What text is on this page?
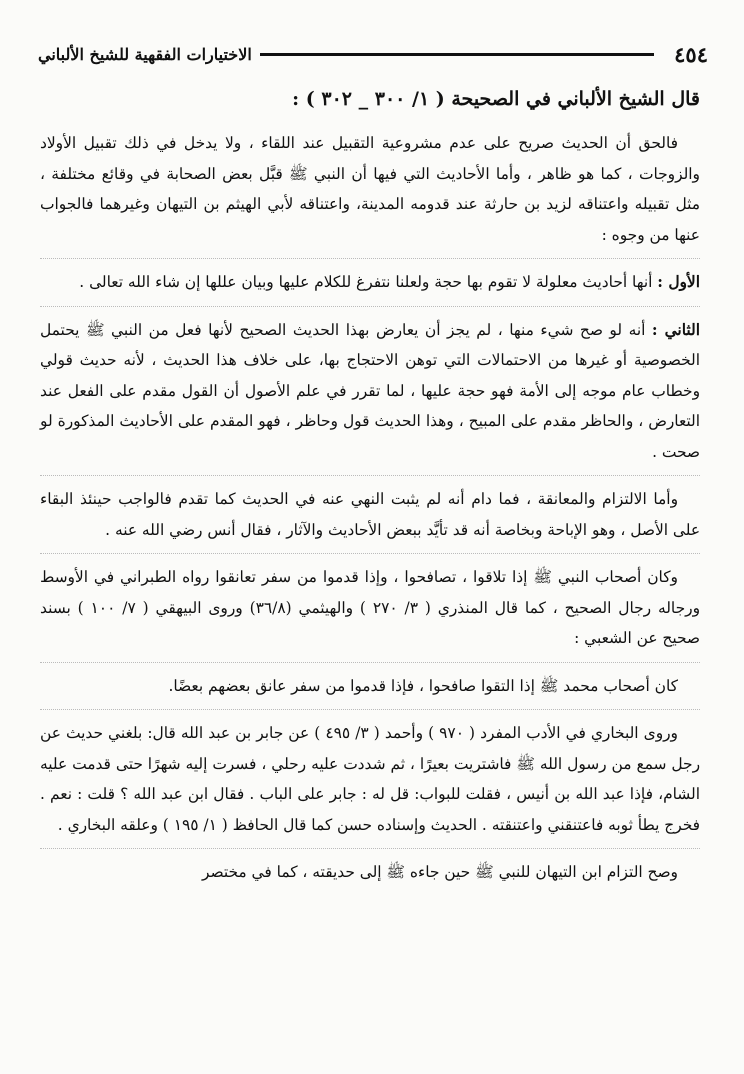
٤٥٤
الاختيارات الفقهية للشيخ الألباني
قال الشيخ الألباني في الصحيحة ( ١/ ٣٠٠ _ ٣٠٢ ) :

فالحق أن الحديث صريح على عدم مشروعية التقبيل عند اللقاء ، ولا يدخل في ذلك تقبيل الأولاد والزوجات ، كما هو ظاهر ، وأما الأحاديث التي فيها أن النبي ﷺ قبَّل بعض الصحابة في وقائع مختلفة ، مثل تقبيله واعتناقه لزيد بن حارثة عند قدومه المدينة، واعتناقه لأبي الهيثم بن التيهان وغيرهما فالجواب عنها من وجوه :

الأول : أنها أحاديث معلولة لا تقوم بها حجة ولعلنا نتفرغ للكلام عليها وبيان عللها إن شاء الله تعالى .

الثاني : أنه لو صح شيء منها ، لم يجز أن يعارض بهذا الحديث الصحيح لأنها فعل من النبي ﷺ يحتمل الخصوصية أو غيرها من الاحتمالات التي توهن الاحتجاج بها، على خلاف هذا الحديث ، لأنه حديث قولي وخطاب عام موجه إلى الأمة فهو حجة عليها ، لما تقرر في علم الأصول أن القول مقدم على الفعل عند التعارض ، والحاظر مقدم على المبيح ، وهذا الحديث قول وحاظر ، فهو المقدم على الأحاديث المذكورة لو صحت .

وأما الالتزام والمعانقة ، فما دام أنه لم يثبت النهي عنه في الحديث كما تقدم فالواجب حينئذ البقاء على الأصل ، وهو الإباحة وبخاصة أنه قد تأيَّد ببعض الأحاديث والآثار ، فقال أنس رضي الله عنه .

وكان أصحاب النبي ﷺ إذا تلاقوا ، تصافحوا ، وإذا قدموا من سفر تعانقوا رواه الطبراني في الأوسط ورجاله رجال الصحيح ، كما قال المنذري ( ٣/ ٢٧٠ ) والهيثمي (٣٦/٨) وروى البيهقي ( ٧/ ١٠٠ ) بسند صحيح عن الشعبي :

كان أصحاب محمد ﷺ إذا التقوا صافحوا ، فإذا قدموا من سفر عانق بعضهم بعضًا.

وروى البخاري في الأدب المفرد ( ٩٧٠ ) وأحمد ( ٣/ ٤٩٥ ) عن جابر بن عبد الله قال: بلغني حديث عن رجل سمع من رسول الله ﷺ فاشتريت بعيرًا ، ثم شددت عليه رحلي ، فسرت إليه شهرًا حتى قدمت عليه الشام، فإذا عبد الله بن أنيس ، فقلت للبواب: قل له : جابر على الباب . فقال ابن عبد الله ؟ قلت : نعم . فخرج يطأ ثوبه فاعتنقني واعتنقته . الحديث وإسناده حسن كما قال الحافظ ( ١/ ١٩٥ ) وعلقه البخاري .

وصح التزام ابن التيهان للنبي ﷺ حين جاءه ﷺ إلى حديقته ، كما في مختصر
